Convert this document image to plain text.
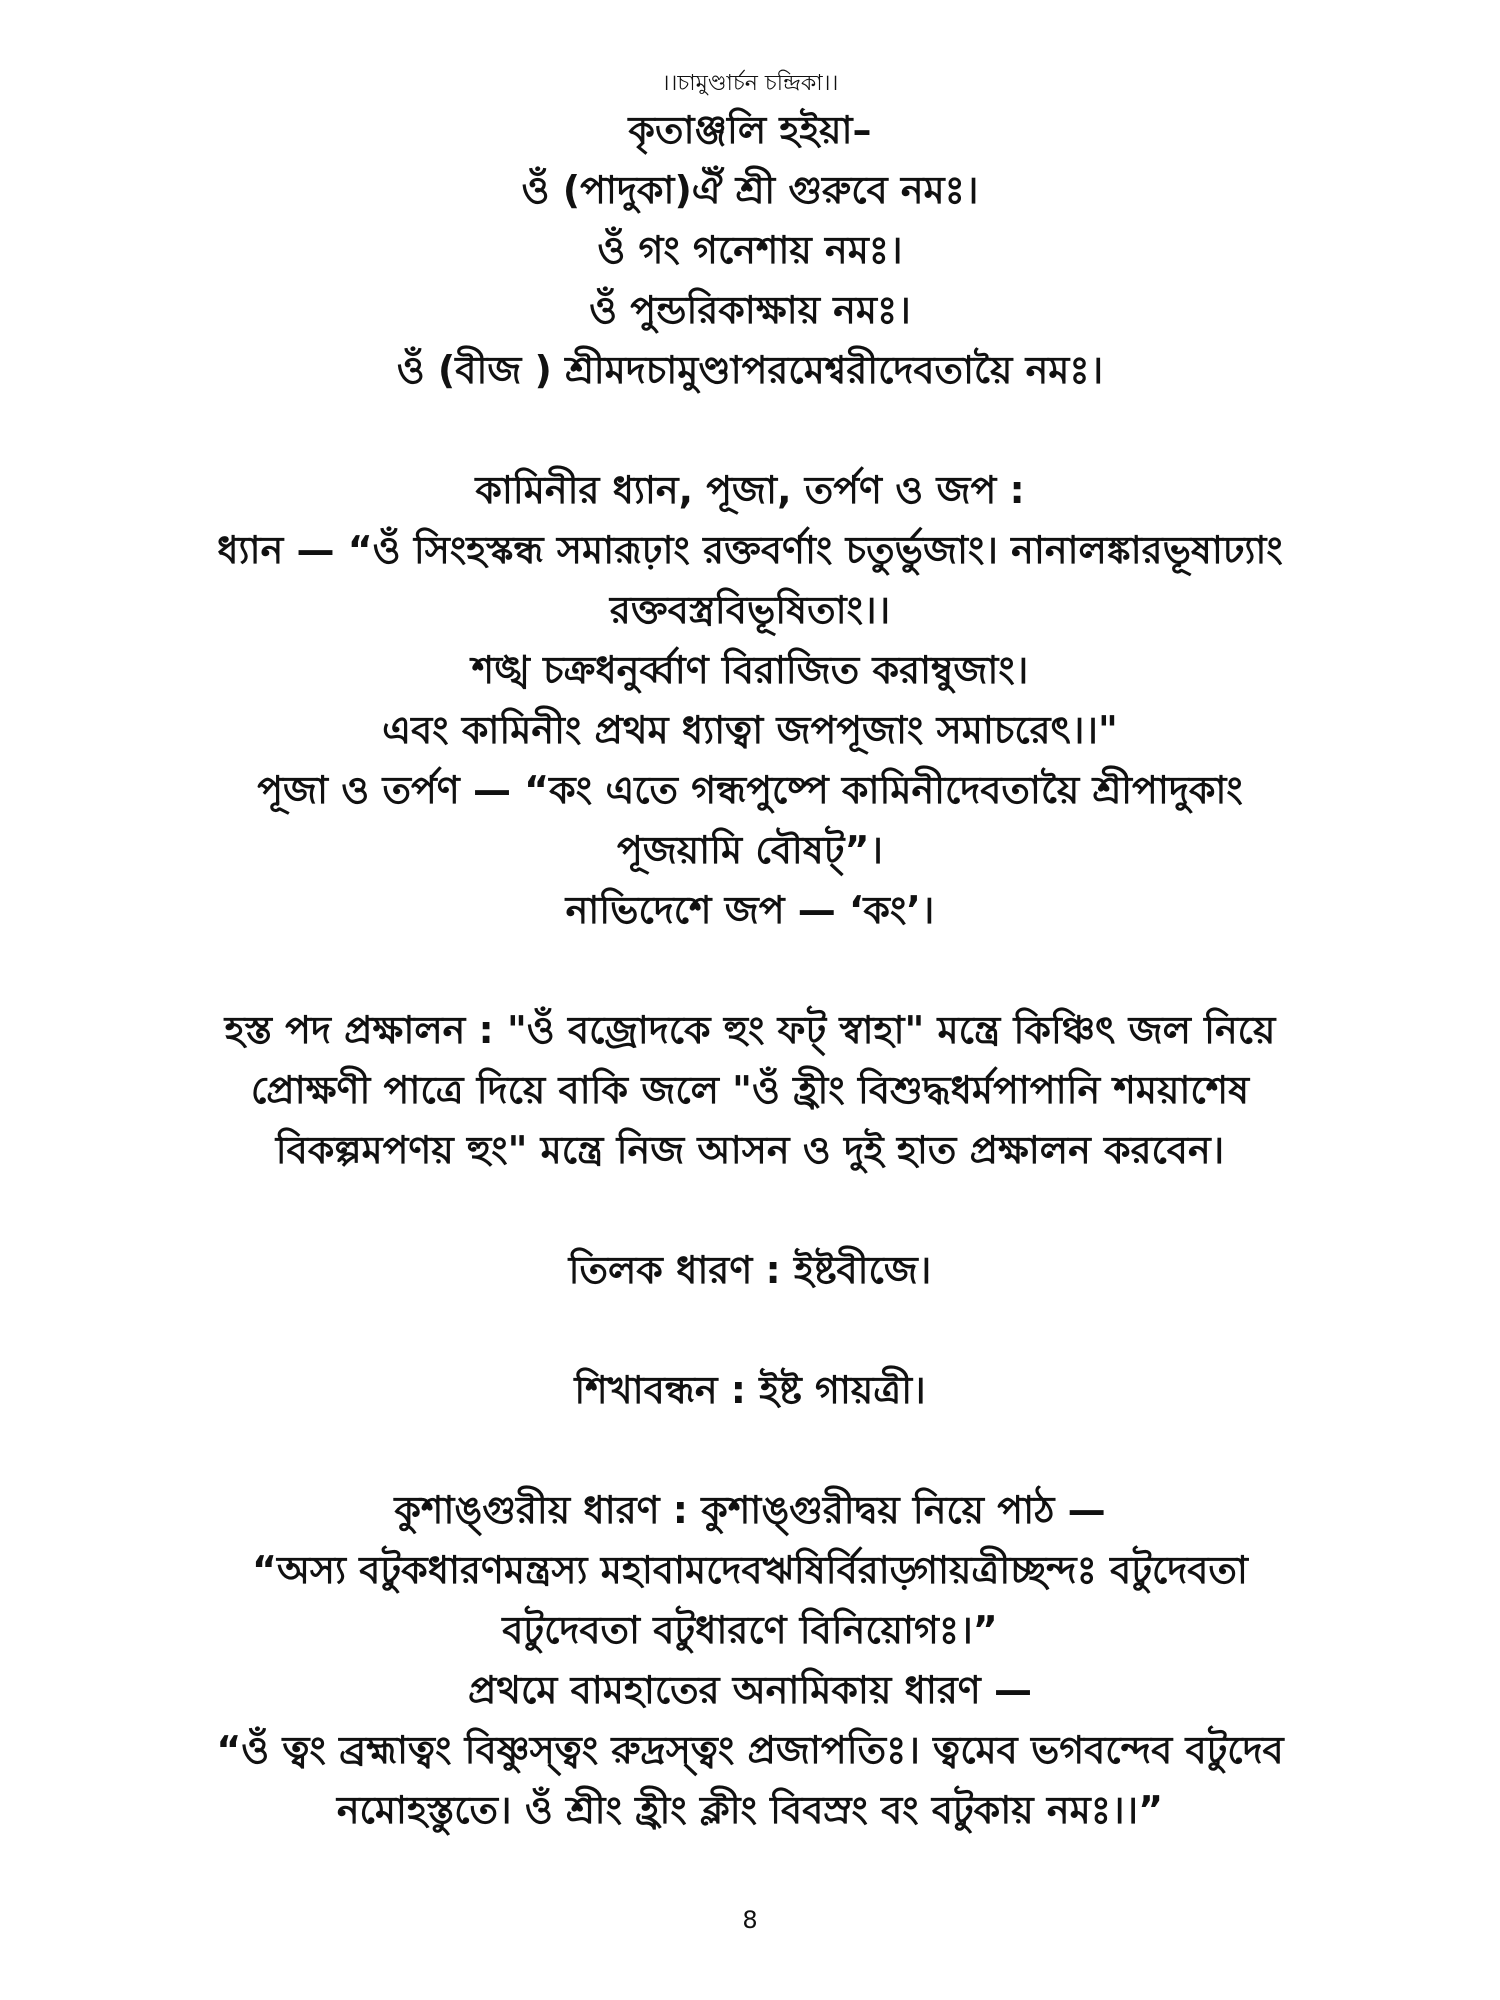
।।চামুণ্ডার্চন চন্দ্রিকা।।

কৃতাঞ্জলি হইয়া–

ওঁ (পাদুকা)ঐঁ শ্রী গুরুবে নমঃ।

ওঁ গং গনেশায় নমঃ।

ওঁ পুন্ডরিকাক্ষায় নমঃ।

ওঁ (বীজ ) শ্রীমদচামুণ্ডাপরমেশ্বরীদেবতায়ৈ নমঃ।

কামিনীর ধ্যান, পূজা, তর্পণ ও জপ :

ধ্যান — “ওঁ সিংহস্কন্ধ সমারূঢ়াং রক্তবর্ণাং চতুর্ভুজাং। নানালঙ্কারভূষাঢ্যাং

রক্তবস্ত্রবিভূষিতাং।।

শঙ্খ চক্রধনুর্ব্বাণ বিরাজিত করাম্বুজাং।

এবং কামিনীং প্রথম ধ্যাত্বা জপপূজাং সমাচরেৎ।।"

পূজা ও তর্পণ — “কং এতে গন্ধপুষ্পে কামিনীদেবতায়ৈ শ্রীপাদুকাং

পূজয়ামি বৌষট্”।

নাভিদেশে জপ — ‘কং’।

হস্ত পদ প্রক্ষালন : "ওঁ বজ্রোদকে হুং ফট্ স্বাহা" মন্ত্রে কিঞ্চিৎ জল নিয়ে

প্রোক্ষণী পাত্রে দিয়ে বাকি জলে "ওঁ হ্রীং বিশুদ্ধধর্মপাপানি শময়াশেষ

বিকল্পমপণয় হুং" মন্ত্রে নিজ আসন ও দুই হাত প্রক্ষালন করবেন।

তিলক ধারণ : ইষ্টবীজে।

শিখাবন্ধন : ইষ্ট গায়ত্রী।

কুশাঙ্গুরীয় ধারণ : কুশাঙ্গুরীদ্বয় নিয়ে পাঠ —

“অস্য বটুকধারণমন্ত্রস্য মহাবামদেবঋষির্বিরাড়্গায়ত্রীচ্ছন্দঃ বটুদেবতা

বটুদেবতা বটুধারণে বিনিয়োগঃ।”

প্রথমে বামহাতের অনামিকায় ধারণ —

“ওঁ ত্বং ব্রহ্মাত্বং বিষ্ণুস্ত্বং রুদ্রস্ত্বং প্রজাপতিঃ। ত্বমেব ভগবন্দেব বটুদেব

নমোহস্তুতে। ওঁ শ্রীং হ্রীং ক্লীং বিবস্রং বং বটুকায় নমঃ।।”

8
